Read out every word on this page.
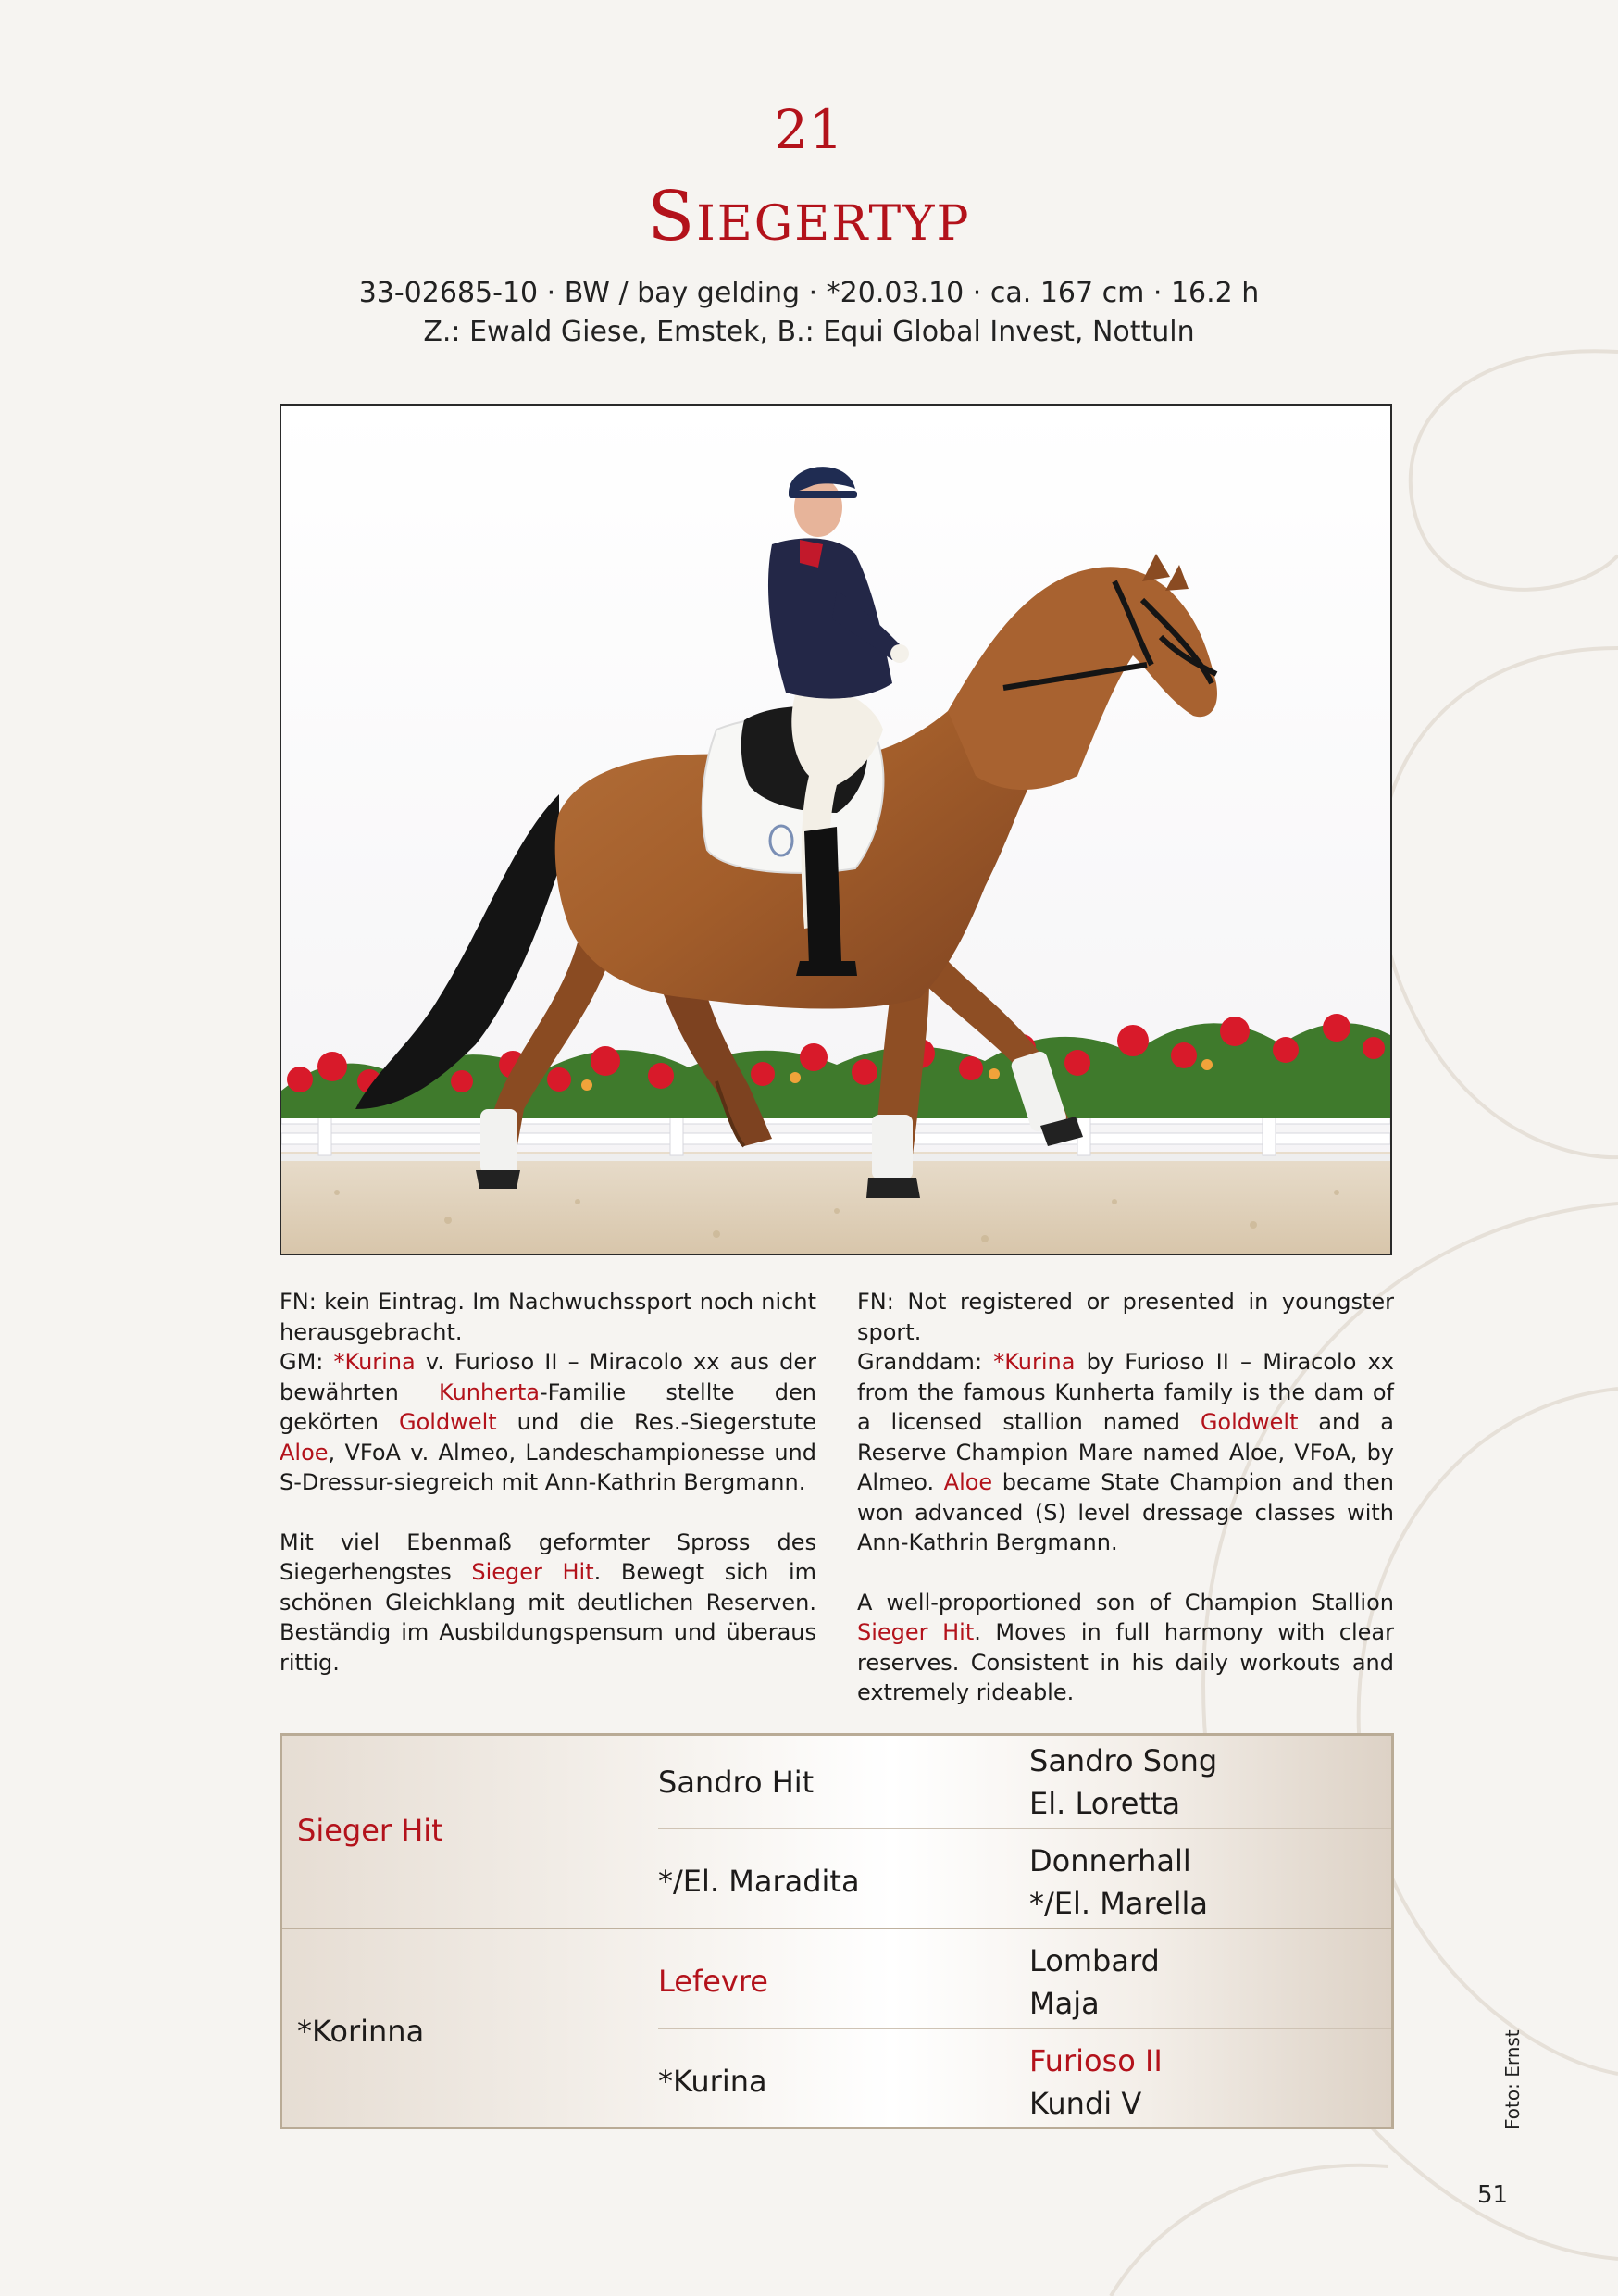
21
Siegertyp
33-02685-10 · BW / bay gelding · *20.03.10 · ca. 167 cm · 16.2 h
Z.: Ewald Giese, Emstek, B.: Equi Global Invest, Nottuln

FN: kein Eintrag. Im Nachwuchssport noch nicht herausgebracht.

GM: *Kurina v. Furioso II – Miracolo xx aus der bewährten Kunherta-Familie stellte den gekörten Goldwelt und die Res.-Siegerstute Aloe, VFoA v. Almeo, Landeschampionesse und S-Dressur-siegreich mit Ann-Kathrin Bergmann.

Mit viel Ebenmaß geformter Spross des Siegerhengstes Sieger Hit. Bewegt sich im schönen Gleichklang mit deutlichen Reserven. Beständig im Ausbildungspensum und überaus rittig.

FN: Not registered or presented in youngster sport.

Granddam: *Kurina by Furioso II – Miracolo xx from the famous Kunherta family is the dam of a licensed stallion named Goldwelt and a Reserve Champion Mare named Aloe, VFoA, by Almeo. Aloe became State Champion and then won advanced (S) level dressage classes with Ann-Kathrin Bergmann.

A well-proportioned son of Champion Stallion Sieger Hit. Moves in full harmony with clear reserves. Consistent in his daily workouts and extremely rideable.

Sieger Hit
Sandro Hit
Sandro Song
El. Loretta
*/El. Maradita
Donnerhall
*/El. Marella
*Korinna
Lefevre
Lombard
Maja
*Kurina
Furioso II
Kundi V	Foto: Ernst
51
